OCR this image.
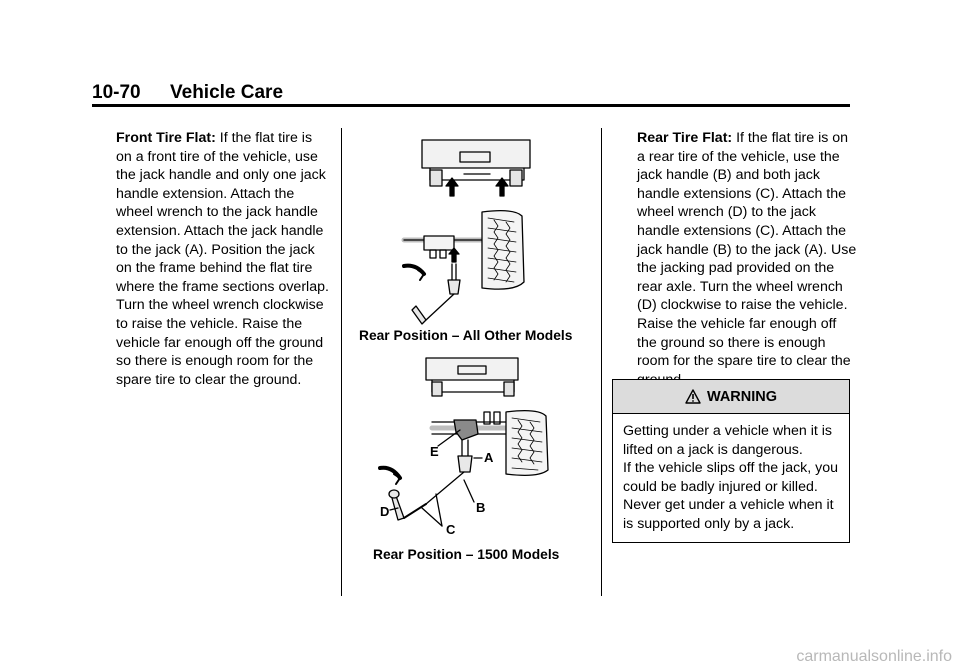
10-70 Vehicle Care
Front Tire Flat: If the flat tire is on a front tire of the vehicle, use the jack handle and only one jack handle extension. Attach the wheel wrench to the jack handle extension. Attach the jack handle to the jack (A). Position the jack on the frame behind the flat tire where the frame sections overlap. Turn the wheel wrench clockwise to raise the vehicle. Raise the vehicle far enough off the ground so there is enough room for the spare tire to clear the ground.
Rear Position – All Other Models
E	A
B
C
D
Rear Position – 1500 Models
Rear Tire Flat: If the flat tire is on a rear tire of the vehicle, use the jack handle (B) and both jack handle extensions (C). Attach the wheel wrench (D) to the jack handle extensions (C). Attach the jack handle (B) to the jack (A). Use the jacking pad provided on the rear axle. Turn the wheel wrench (D) clockwise to raise the vehicle. Raise the vehicle far enough off the ground so there is enough room for the spare tire to clear the
WARNING

Getting under a vehicle when it is lifted on a jack is dangerous.

If the vehicle slips off the jack, you could be badly injured or killed. Never get under a vehicle when it is supported only by a jack.

carmanualsonline.info
